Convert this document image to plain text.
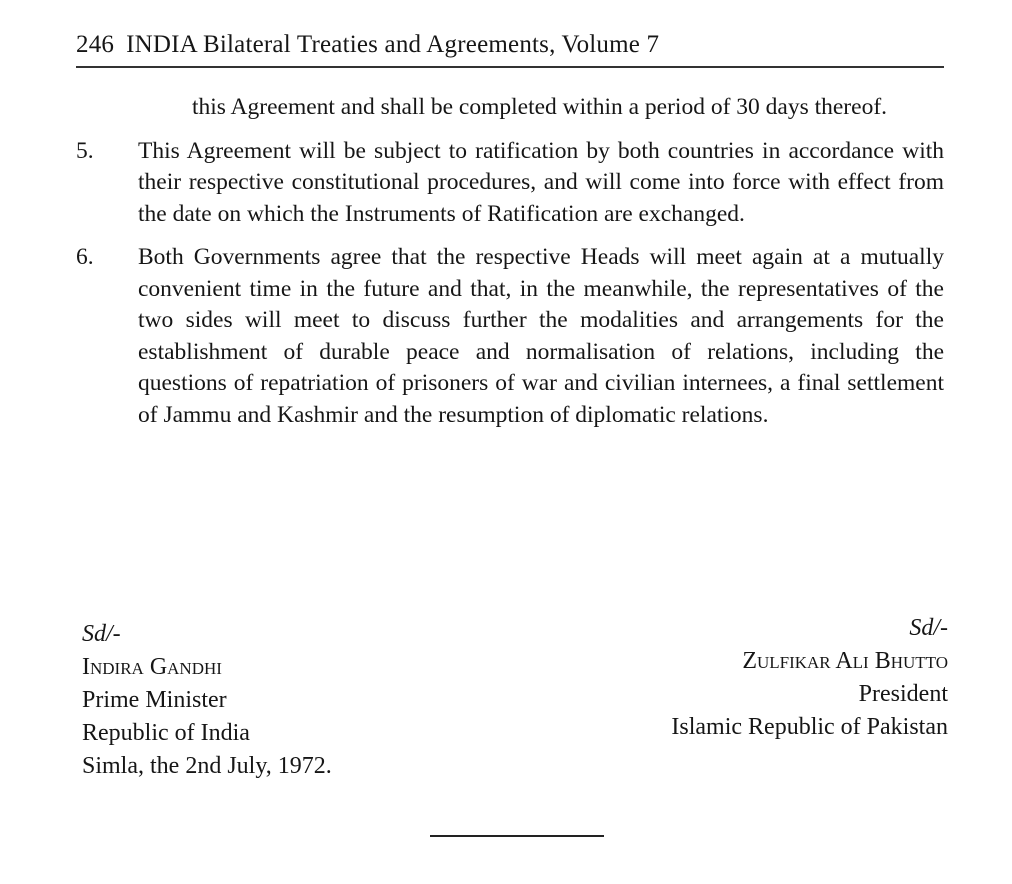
246 INDIA Bilateral Treaties and Agreements, Volume 7
this Agreement and shall be completed within a period of 30 days thereof.
5.	This Agreement will be subject to ratification by both countries in accordance with their respective constitutional procedures, and will come into force with effect from the date on which the Instruments of Ratification are exchanged.
6.	Both Governments agree that the respective Heads will meet again at a mutually convenient time in the future and that, in the meanwhile, the representatives of the two sides will meet to discuss further the modalities and arrangements for the establishment of durable peace and normalisation of relations, including the questions of repatriation of prisoners of war and civilian internees, a final settlement of Jammu and Kashmir and the resumption of diplomatic relations.
Sd/-
Indira Gandhi
Prime Minister
Republic of India
Simla, the 2nd July, 1972.
Sd/-
Zulfikar Ali Bhutto
President
Islamic Republic of Pakistan
